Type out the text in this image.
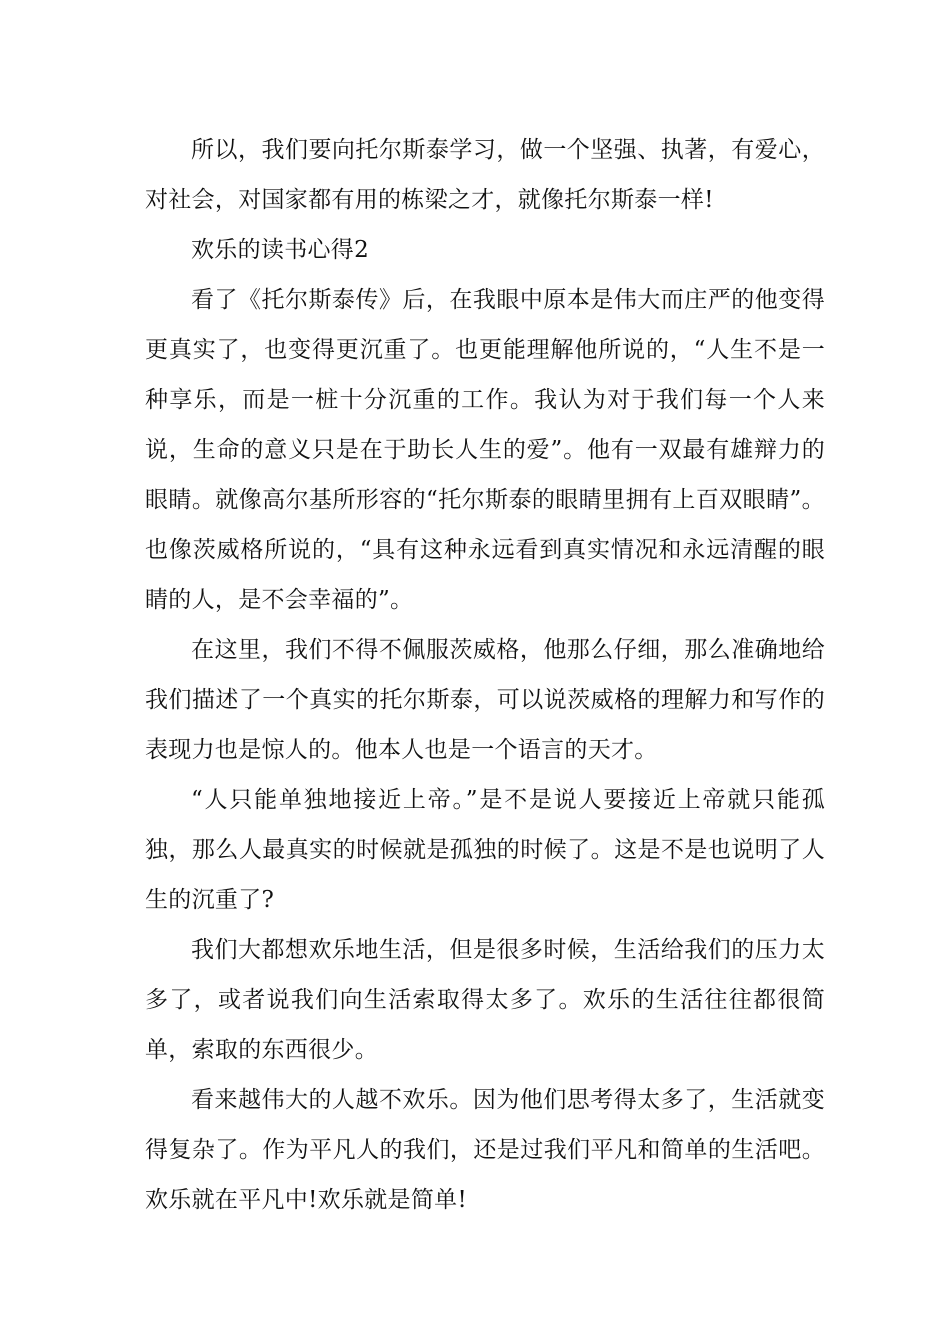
所以，我们要向托尔斯泰学习，做一个坚强、执著，有爱心，对社会，对国家都有用的栋梁之才，就像托尔斯泰一样!

欢乐的读书心得2

看了《托尔斯泰传》后，在我眼中原本是伟大而庄严的他变得更真实了，也变得更沉重了。也更能理解他所说的，“人生不是一种享乐，而是一桩十分沉重的工作。我认为对于我们每一个人来说，生命的意义只是在于助长人生的爱”。他有一双最有雄辩力的眼睛。就像高尔基所形容的“托尔斯泰的眼睛里拥有上百双眼睛”。也像茨威格所说的，“具有这种永远看到真实情况和永远清醒的眼睛的人，是不会幸福的”。

在这里，我们不得不佩服茨威格，他那么仔细，那么准确地给我们描述了一个真实的托尔斯泰，可以说茨威格的理解力和写作的表现力也是惊人的。他本人也是一个语言的天才。

“人只能单独地接近上帝。”是不是说人要接近上帝就只能孤独，那么人最真实的时候就是孤独的时候了。这是不是也说明了人生的沉重了?

我们大都想欢乐地生活，但是很多时候，生活给我们的压力太多了，或者说我们向生活索取得太多了。欢乐的生活往往都很简单，索取的东西很少。

看来越伟大的人越不欢乐。因为他们思考得太多了，生活就变得复杂了。作为平凡人的我们，还是过我们平凡和简单的生活吧。欢乐就在平凡中!欢乐就是简单!
